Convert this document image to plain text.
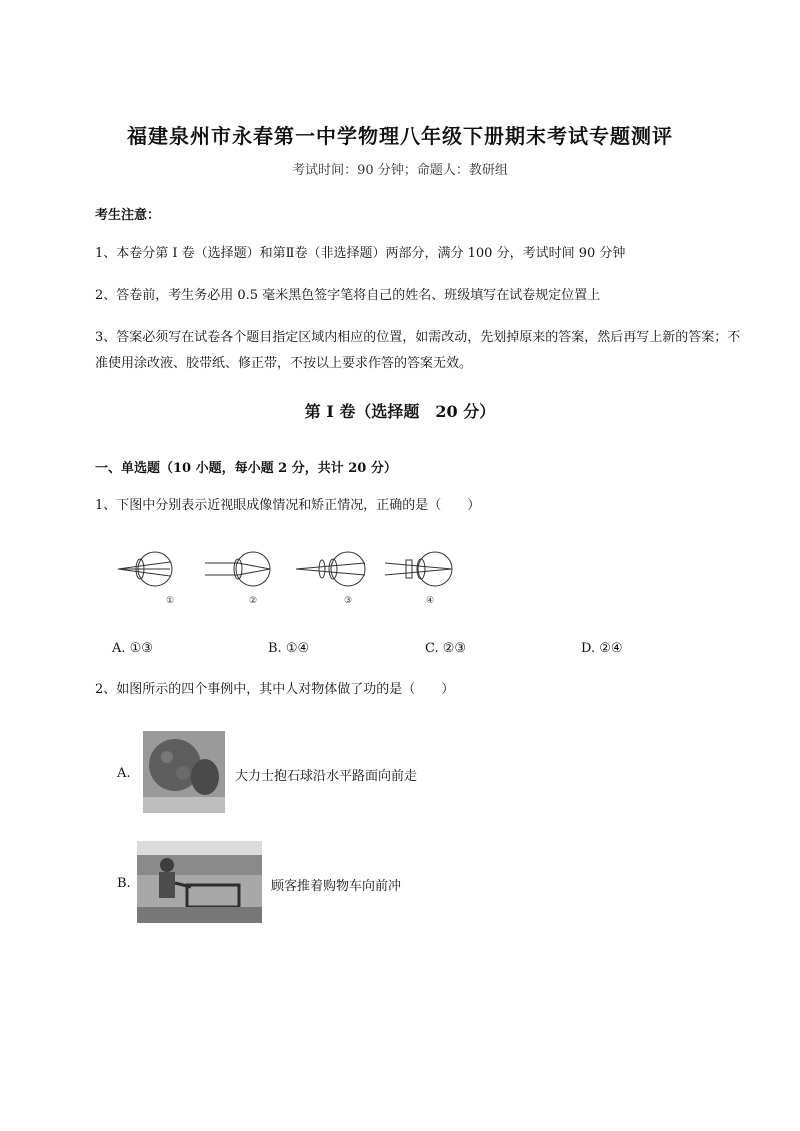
福建泉州市永春第一中学物理八年级下册期末考试专题测评
考试时间：90 分钟；命题人：教研组
考生注意：
1、本卷分第 I 卷（选择题）和第Ⅱ卷（非选择题）两部分，满分 100 分，考试时间 90 分钟
2、答卷前，考生务必用 0.5 毫米黑色签字笔将自己的姓名、班级填写在试卷规定位置上
3、答案必须写在试卷各个题目指定区域内相应的位置，如需改动，先划掉原来的答案，然后再写上新的答案；不准使用涂改液、胶带纸、修正带，不按以上要求作答的答案无效。
第 I 卷（选择题　20 分）
一、单选题（10 小题，每小题 2 分，共计 20 分）
1、下图中分别表示近视眼成像情况和矫正情况，正确的是（　　）
①	②	③	④
A. ①③	B. ①④	C. ②③	D. ②④
2、如图所示的四个事例中，其中人对物体做了功的是（　　）
A.	大力士抱石球沿水平路面向前走
B.	顾客推着购物车向前冲
